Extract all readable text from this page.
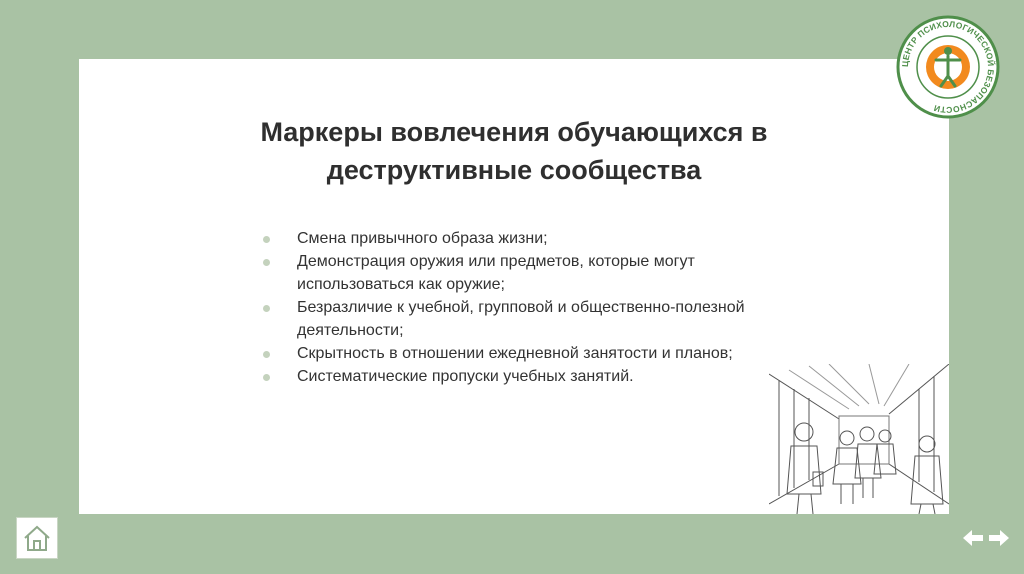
Маркеры вовлечения обучающихся в деструктивные сообщества
Смена привычного образа жизни;
Демонстрация оружия или предметов, которые могут использоваться как оружие;
Безразличие к учебной, групповой и общественно-полезной деятельности;
Скрытность в отношении ежедневной занятости и планов;
Систематические пропуски учебных занятий.
ЦЕНТР ПСИХОЛОГИЧЕСКОЙ БЕЗОПАСНОСТИ
